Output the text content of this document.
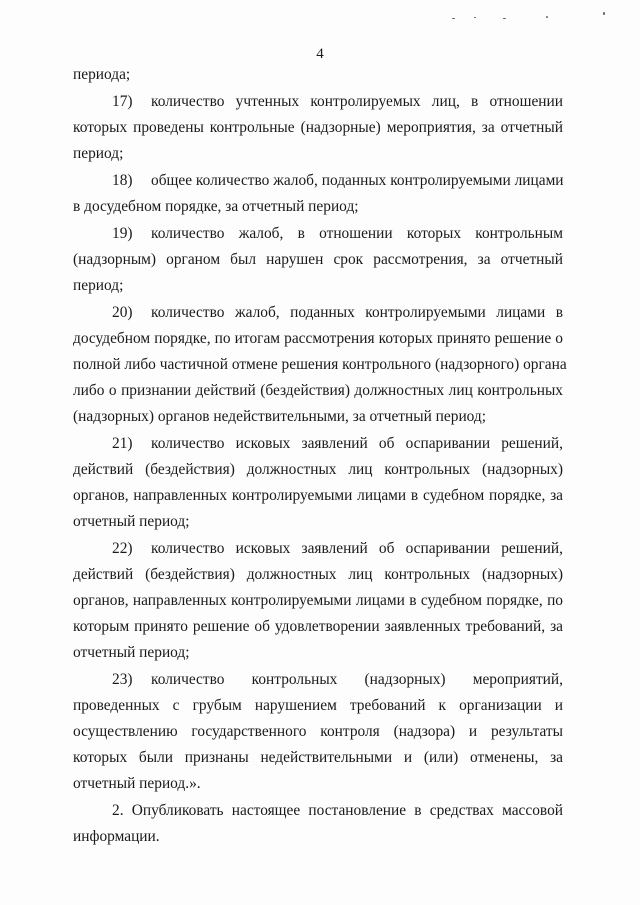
4
периода;
17) количество учтенных контролируемых лиц, в отношении
которых проведены контрольные (надзорные) мероприятия, за отчетный
период;
18) общее количество жалоб, поданных контролируемыми лицами
в досудебном порядке, за отчетный период;
19) количество жалоб, в отношении которых контрольным
(надзорным) органом был нарушен срок рассмотрения, за отчетный
период;
20) количество жалоб, поданных контролируемыми лицами в
досудебном порядке, по итогам рассмотрения которых принято решение о
полной либо частичной отмене решения контрольного (надзорного) органа
либо о признании действий (бездействия) должностных лиц контрольных
(надзорных) органов недействительными, за отчетный период;
21) количество исковых заявлений об оспаривании решений,
действий (бездействия) должностных лиц контрольных (надзорных)
органов, направленных контролируемыми лицами в судебном порядке, за
отчетный период;
22) количество исковых заявлений об оспаривании решений,
действий (бездействия) должностных лиц контрольных (надзорных)
органов, направленных контролируемыми лицами в судебном порядке, по
которым принято решение об удовлетворении заявленных требований, за
отчетный период;
23) количество контрольных (надзорных) мероприятий,
проведенных с грубым нарушением требований к организации и
осуществлению государственного контроля (надзора) и результаты
которых были признаны недействительными и (или) отменены, за
отчетный период.».
2. Опубликовать настоящее постановление в средствах массовой
информации.
